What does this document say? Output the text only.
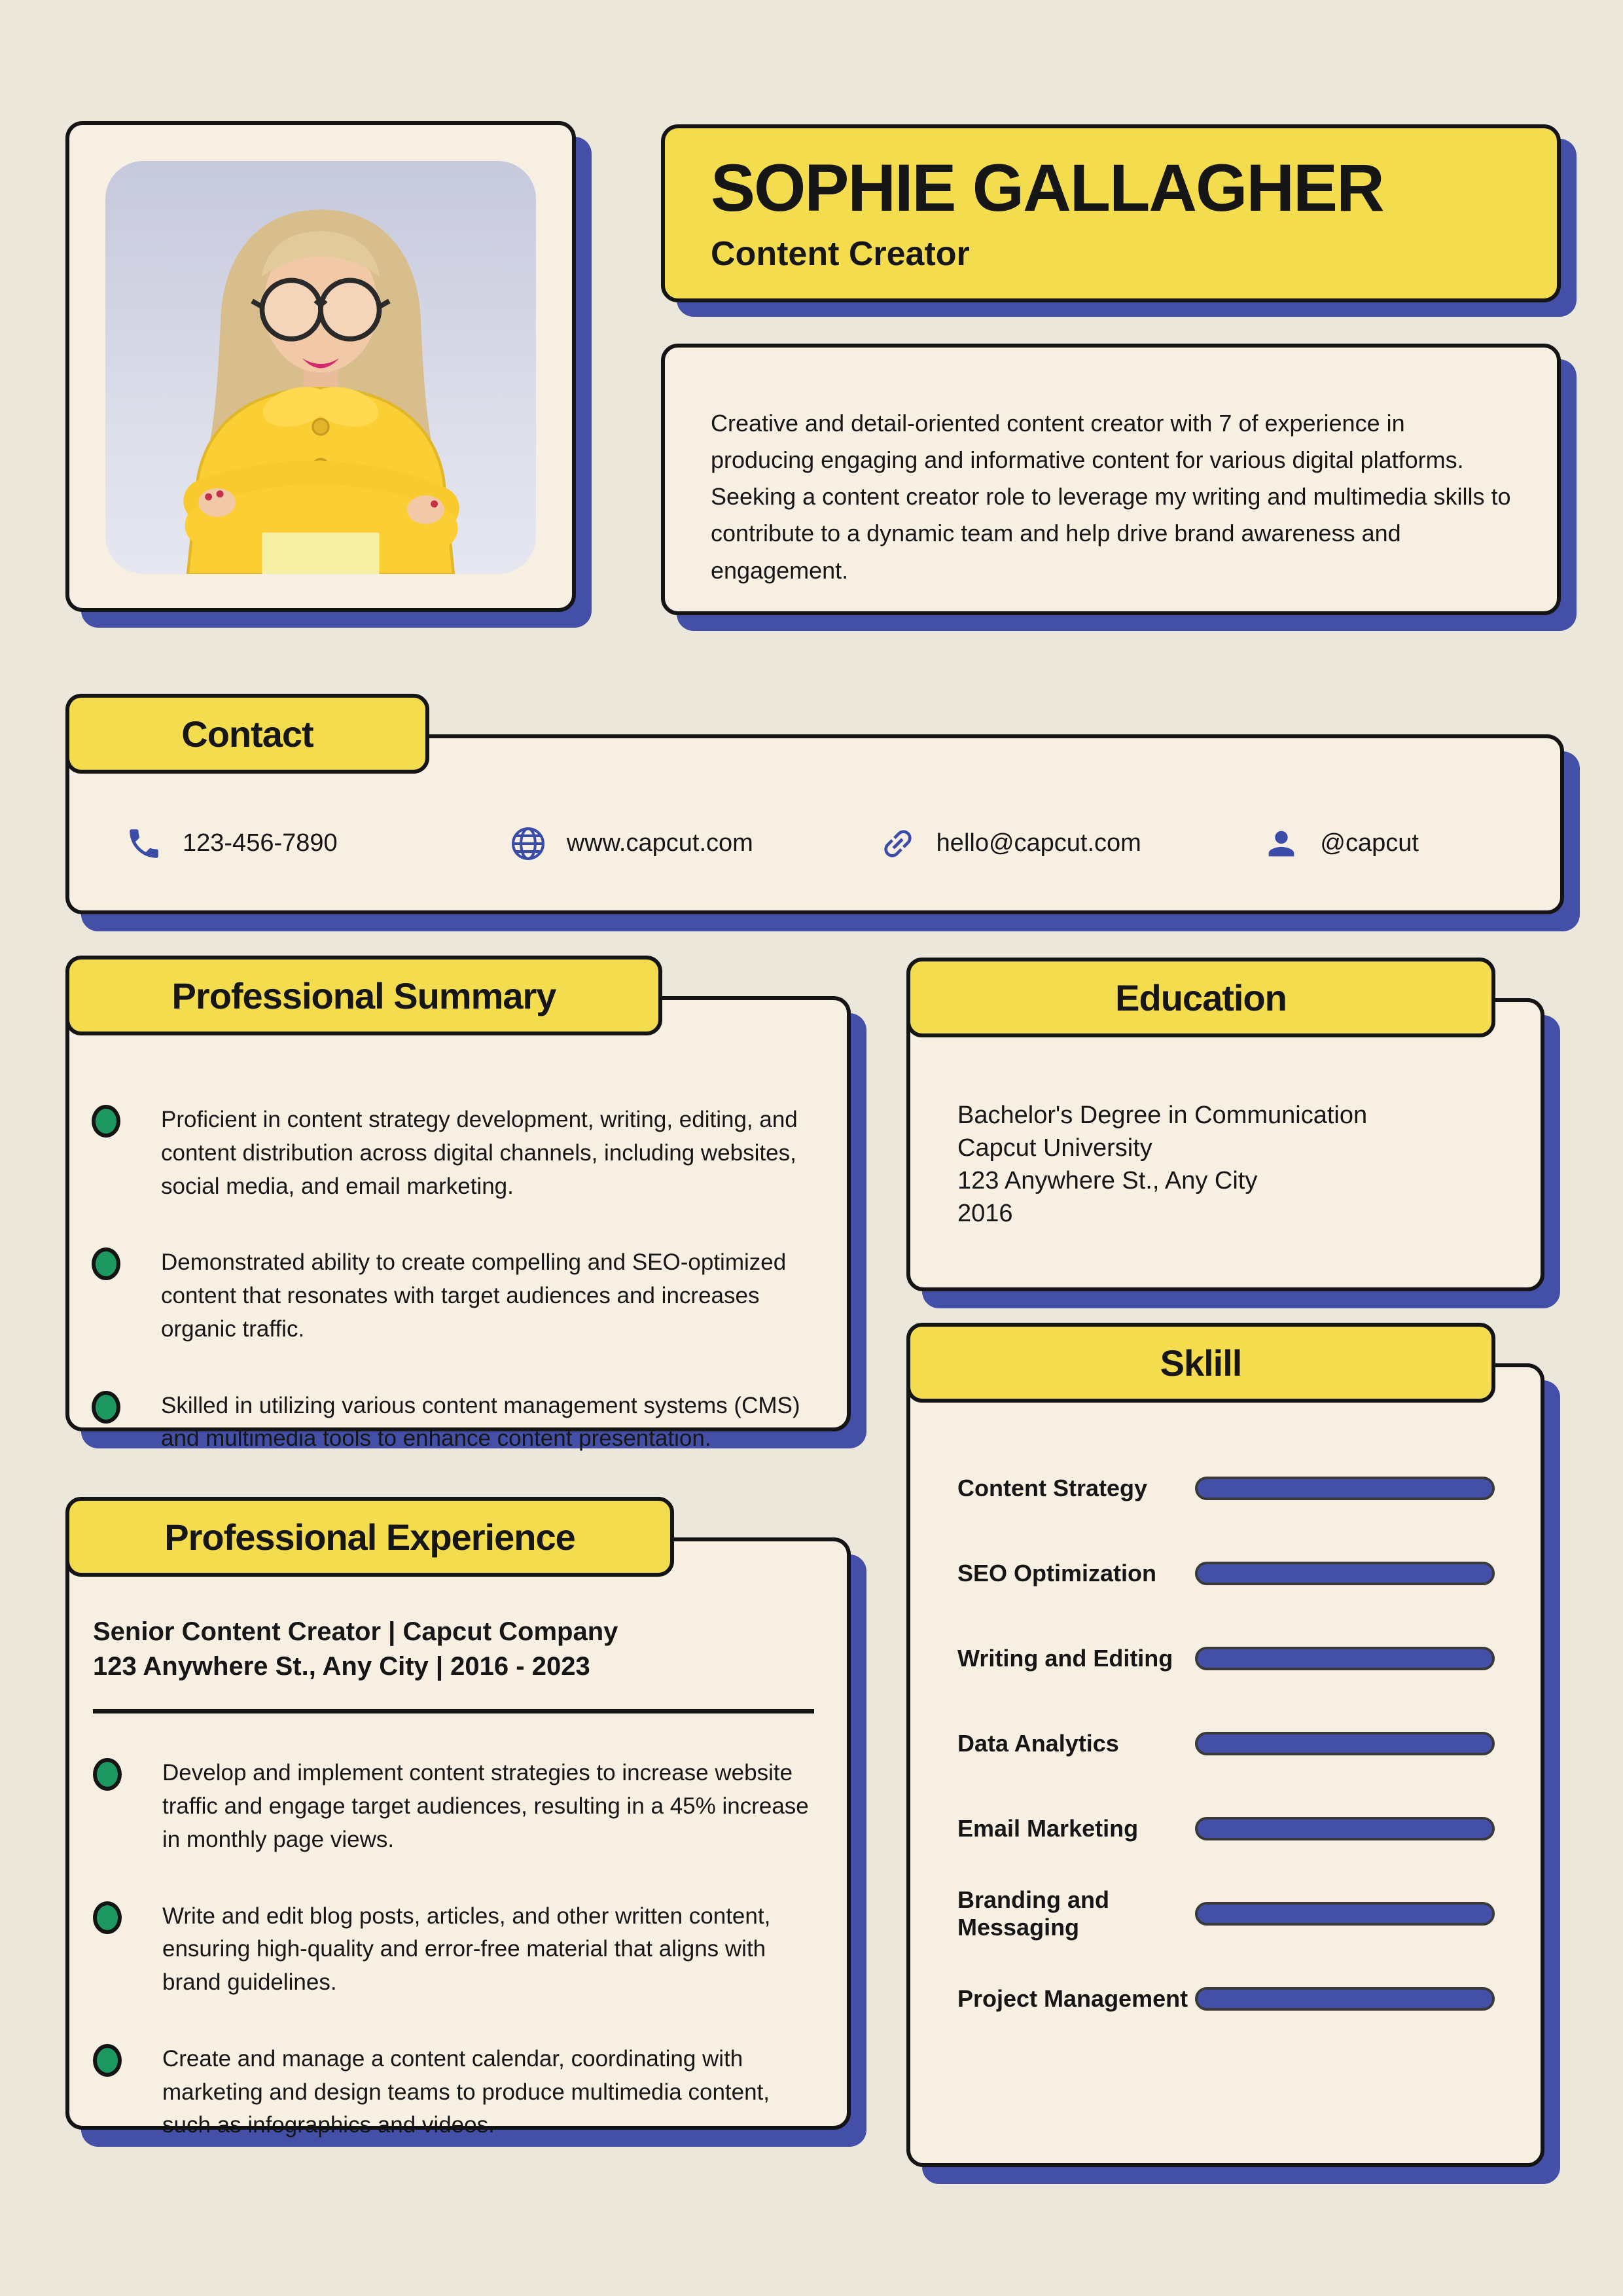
SOPHIE GALLAGHER
Content Creator

Creative and detail-oriented content creator with 7 of experience in producing engaging and informative content for various digital platforms. Seeking a content creator role to leverage my writing and multimedia skills to contribute to a dynamic team and help drive brand awareness and engagement.

Contact
123-456-7890	www.capcut.com	hello@capcut.com	@capcut
Professional Summary

Proficient in content strategy development, writing, editing, and content distribution across digital channels, including websites, social media, and email marketing.

Demonstrated ability to create compelling and SEO-optimized content that resonates with target audiences and increases organic traffic.

Skilled in utilizing various content management systems (CMS) and multimedia tools to enhance content presentation.

Professional Experience
Senior Content Creator | Capcut Company
123 Anywhere St., Any City | 2016 - 2023

Develop and implement content strategies to increase website traffic and engage target audiences, resulting in a 45% increase in monthly page views.

Write and edit blog posts, articles, and other written content, ensuring high-quality and error-free material that aligns with brand guidelines.

Create and manage a content calendar, coordinating with marketing and design teams to produce multimedia content, such as infographics and videos.

Education
Bachelor's Degree in Communication
Capcut University
123 Anywhere St., Any City
2016
Sklill
Content Strategy
SEO Optimization
Writing and Editing
Data Analytics
Email Marketing
Branding and Messaging
Project Management
